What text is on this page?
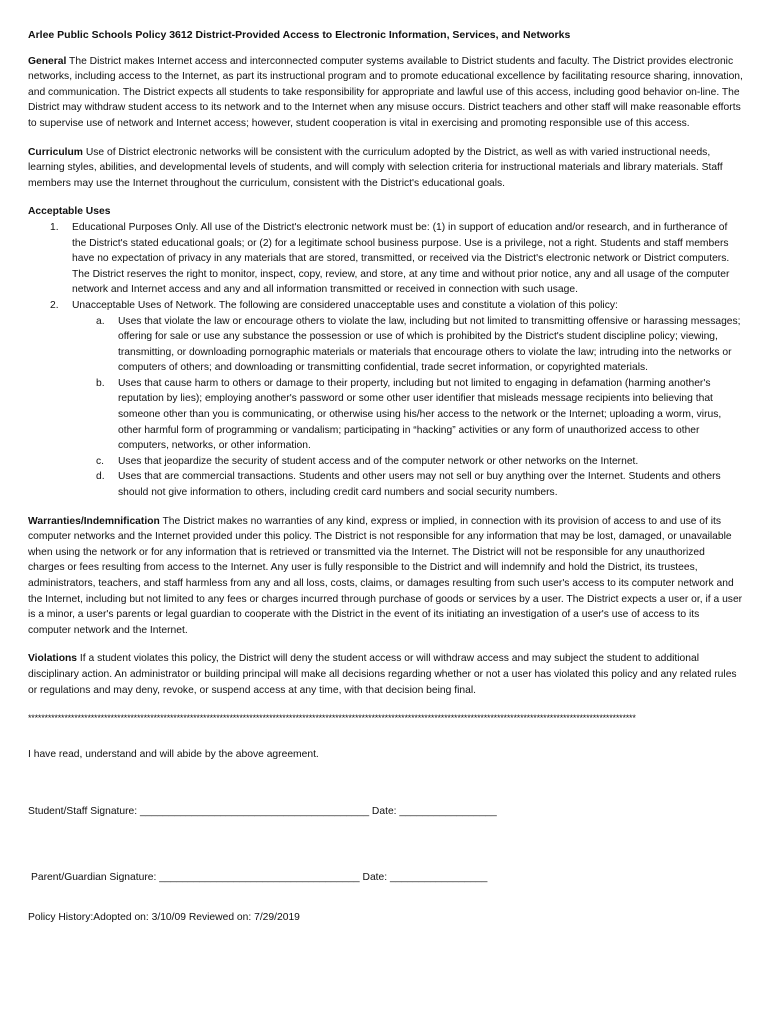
Arlee Public Schools Policy 3612 District-Provided Access to Electronic Information, Services, and Networks

General The District makes Internet access and interconnected computer systems available to District students and faculty. The District provides electronic networks, including access to the Internet, as part its instructional program and to promote educational excellence by facilitating resource sharing, innovation, and communication. The District expects all students to take responsibility for appropriate and lawful use of this access, including good behavior on-line. The District may withdraw student access to its network and to the Internet when any misuse occurs. District teachers and other staff will make reasonable efforts to supervise use of network and Internet access; however, student cooperation is vital in exercising and promoting responsible use of this access.

Curriculum Use of District electronic networks will be consistent with the curriculum adopted by the District, as well as with varied instructional needs, learning styles, abilities, and developmental levels of students, and will comply with selection criteria for instructional materials and library materials. Staff members may use the Internet throughout the curriculum, consistent with the District's educational goals.

Acceptable Uses

1. Educational Purposes Only. All use of the District's electronic network must be: (1) in support of education and/or research, and in furtherance of the District's stated educational goals; or (2) for a legitimate school business purpose. Use is a privilege, not a right. Students and staff members have no expectation of privacy in any materials that are stored, transmitted, or received via the District's electronic network or District computers. The District reserves the right to monitor, inspect, copy, review, and store, at any time and without prior notice, any and all usage of the computer network and Internet access and any and all information transmitted or received in connection with such usage.
2. Unacceptable Uses of Network. The following are considered unacceptable uses and constitute a violation of this policy:
a. Uses that violate the law or encourage others to violate the law, including but not limited to transmitting offensive or harassing messages; offering for sale or use any substance the possession or use of which is prohibited by the District's student discipline policy; viewing, transmitting, or downloading pornographic materials or materials that encourage others to violate the law; intruding into the networks or computers of others; and downloading or transmitting confidential, trade secret information, or copyrighted materials.
b. Uses that cause harm to others or damage to their property, including but not limited to engaging in defamation (harming another's reputation by lies); employing another's password or some other user identifier that misleads message recipients into believing that someone other than you is communicating, or otherwise using his/her access to the network or the Internet; uploading a worm, virus, other harmful form of programming or vandalism; participating in “hacking” activities or any form of unauthorized access to other computers, networks, or other information.
c. Uses that jeopardize the security of student access and of the computer network or other networks on the Internet.
d. Uses that are commercial transactions. Students and other users may not sell or buy anything over the Internet. Students and others should not give information to others, including credit card numbers and social security numbers.

Warranties/Indemnification The District makes no warranties of any kind, express or implied, in connection with its provision of access to and use of its computer networks and the Internet provided under this policy. The District is not responsible for any information that may be lost, damaged, or unavailable when using the network or for any information that is retrieved or transmitted via the Internet. The District will not be responsible for any unauthorized charges or fees resulting from access to the Internet. Any user is fully responsible to the District and will indemnify and hold the District, its trustees, administrators, teachers, and staff harmless from any and all loss, costs, claims, or damages resulting from such user's access to its computer network and the Internet, including but not limited to any fees or charges incurred through purchase of goods or services by a user. The District expects a user or, if a user is a minor, a user's parents or legal guardian to cooperate with the District in the event of its initiating an investigation of a user's use of access to its computer network and the Internet.

Violations If a student violates this policy, the District will deny the student access or will withdraw access and may subject the student to additional disciplinary action. An administrator or building principal will make all decisions regarding whether or not a user has violated this policy and any related rules or regulations and may deny, revoke, or suspend access at any time, with that decision being final.

****************************************************************************************************************************************************************************************

I have read, understand and will abide by the above agreement.

Student/Staff Signature: ________________________________________ Date: _________________

Parent/Guardian Signature: ___________________________________ Date: _________________

Policy History:Adopted on: 3/10/09 Reviewed on: 7/29/2019
